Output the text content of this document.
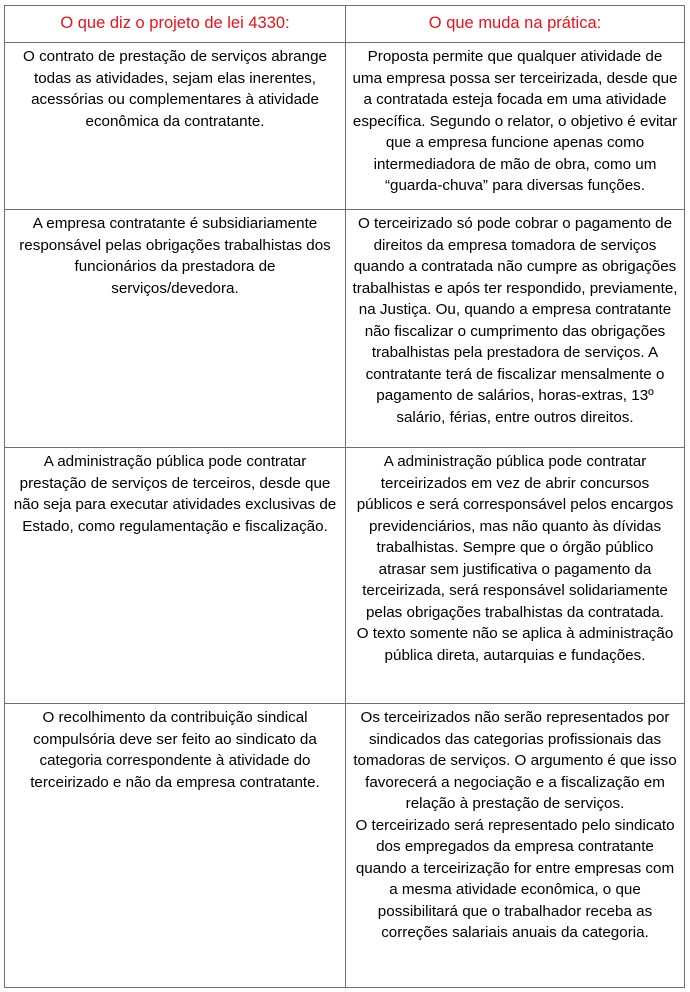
O que diz o projeto de lei 4330:	O que muda na prática:
O contrato de prestação de serviços abrange todas as atividades, sejam elas inerentes, acessórias ou complementares à atividade econômica da contratante.	Proposta permite que qualquer atividade de uma empresa possa ser terceirizada, desde que a contratada esteja focada em uma atividade específica. Segundo o relator, o objetivo é evitar que a empresa funcione apenas como intermediadora de mão de obra, como um “guarda-chuva” para diversas funções.

A empresa contratante é subsidiariamente responsável pelas obrigações trabalhistas dos funcionários da prestadora de serviços/devedora.	O terceirizado só pode cobrar o pagamento de direitos da empresa tomadora de serviços quando a contratada não cumpre as obrigações trabalhistas e após ter respondido, previamente, na Justiça. Ou, quando a empresa contratante não fiscalizar o cumprimento das obrigações trabalhistas pela prestadora de serviços. A contratante terá de fiscalizar mensalmente o pagamento de salários, horas-extras, 13º salário, férias, entre outros direitos.

A administração pública pode contratar prestação de serviços de terceiros, desde que não seja para executar atividades exclusivas de Estado, como regulamentação e fiscalização.	A administração pública pode contratar terceirizados em vez de abrir concursos públicos e será corresponsável pelos encargos previdenciários, mas não quanto às dívidas trabalhistas. Sempre que o órgão público atrasar sem justificativa o pagamento da terceirizada, será responsável solidariamente pelas obrigações trabalhistas da contratada.
O texto somente não se aplica à administração pública direta, autarquias e fundações.

O recolhimento da contribuição sindical compulsória deve ser feito ao sindicato da categoria correspondente à atividade do terceirizado e não da empresa contratante.	Os terceirizados não serão representados por sindicados das categorias profissionais das tomadoras de serviços. O argumento é que isso favorecerá a negociação e a fiscalização em relação à prestação de serviços.
O terceirizado será representado pelo sindicato dos empregados da empresa contratante quando a terceirização for entre empresas com a mesma atividade econômica, o que possibilitará que o trabalhador receba as correções salariais anuais da categoria.
